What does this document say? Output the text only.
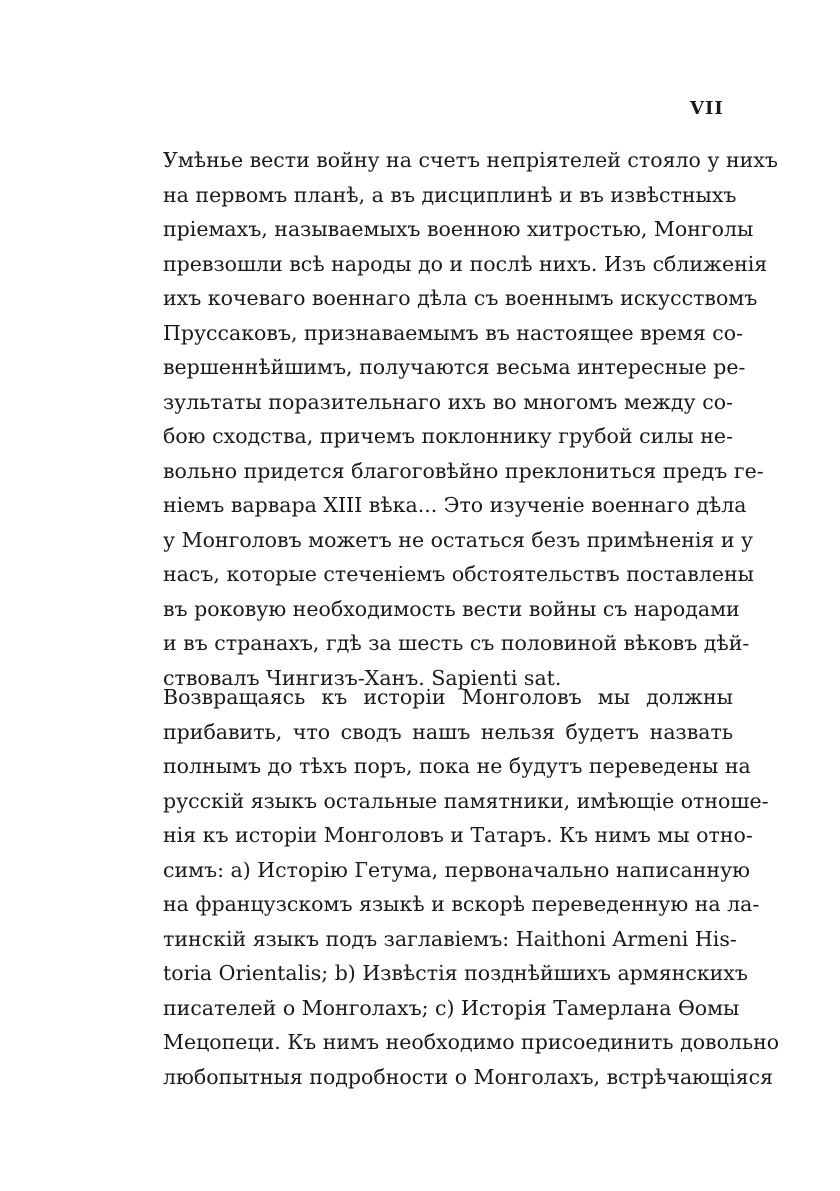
VII

Умѣнье вести войну на счетъ непріятелей стояло у нихъ
на первомъ планѣ, а въ дисциплинѣ и въ извѣстныхъ
пріемахъ, называемыхъ военною хитростью, Монголы
превзошли всѣ народы до и послѣ нихъ. Изъ сближенія
ихъ кочеваго военнаго дѣла съ военнымъ искусствомъ
Пруссаковъ, признаваемымъ въ настоящее время со-
вершеннѣйшимъ, получаются весьма интересные ре-
зультаты поразительнаго ихъ во многомъ между со-
бою сходства, причемъ поклоннику грубой силы не-
вольно придется благоговѣйно преклониться предъ ге-
ніемъ варвара XIII вѣка... Это изученіе военнаго дѣла
у Монголовъ можетъ не остаться безъ примѣненія и у
насъ, которые стеченіемъ обстоятельствъ поставлены
въ роковую необходимость вести войны съ народами
и въ странахъ, гдѣ за шесть съ половиной вѣковъ дѣй-
ствовалъ Чингизъ-Ханъ. Sapienti sat.

Возвращаясь къ исторіи Монголовъ мы должны
прибавить, что сводъ нашъ нельзя будетъ назвать
полнымъ до тѣхъ поръ, пока не будутъ переведены на
русскій языкъ остальные памятники, имѣющіе отноше-
нія къ исторіи Монголовъ и Татаръ. Къ нимъ мы отно-
симъ: a) Исторію Гетума, первоначально написанную
на французскомъ языкѣ и вскорѣ переведенную на ла-
тинскій языкъ подъ заглавіемъ: Haithoni Armeni His-
toria Orientalis; b) Извѣстія позднѣйшихъ армянскихъ
писателей о Монголахъ; c) Исторія Тамерлана Ѳомы
Мецопеци. Къ нимъ необходимо присоединить довольно
любопытныя подробности о Монголахъ, встрѣчающіяся
